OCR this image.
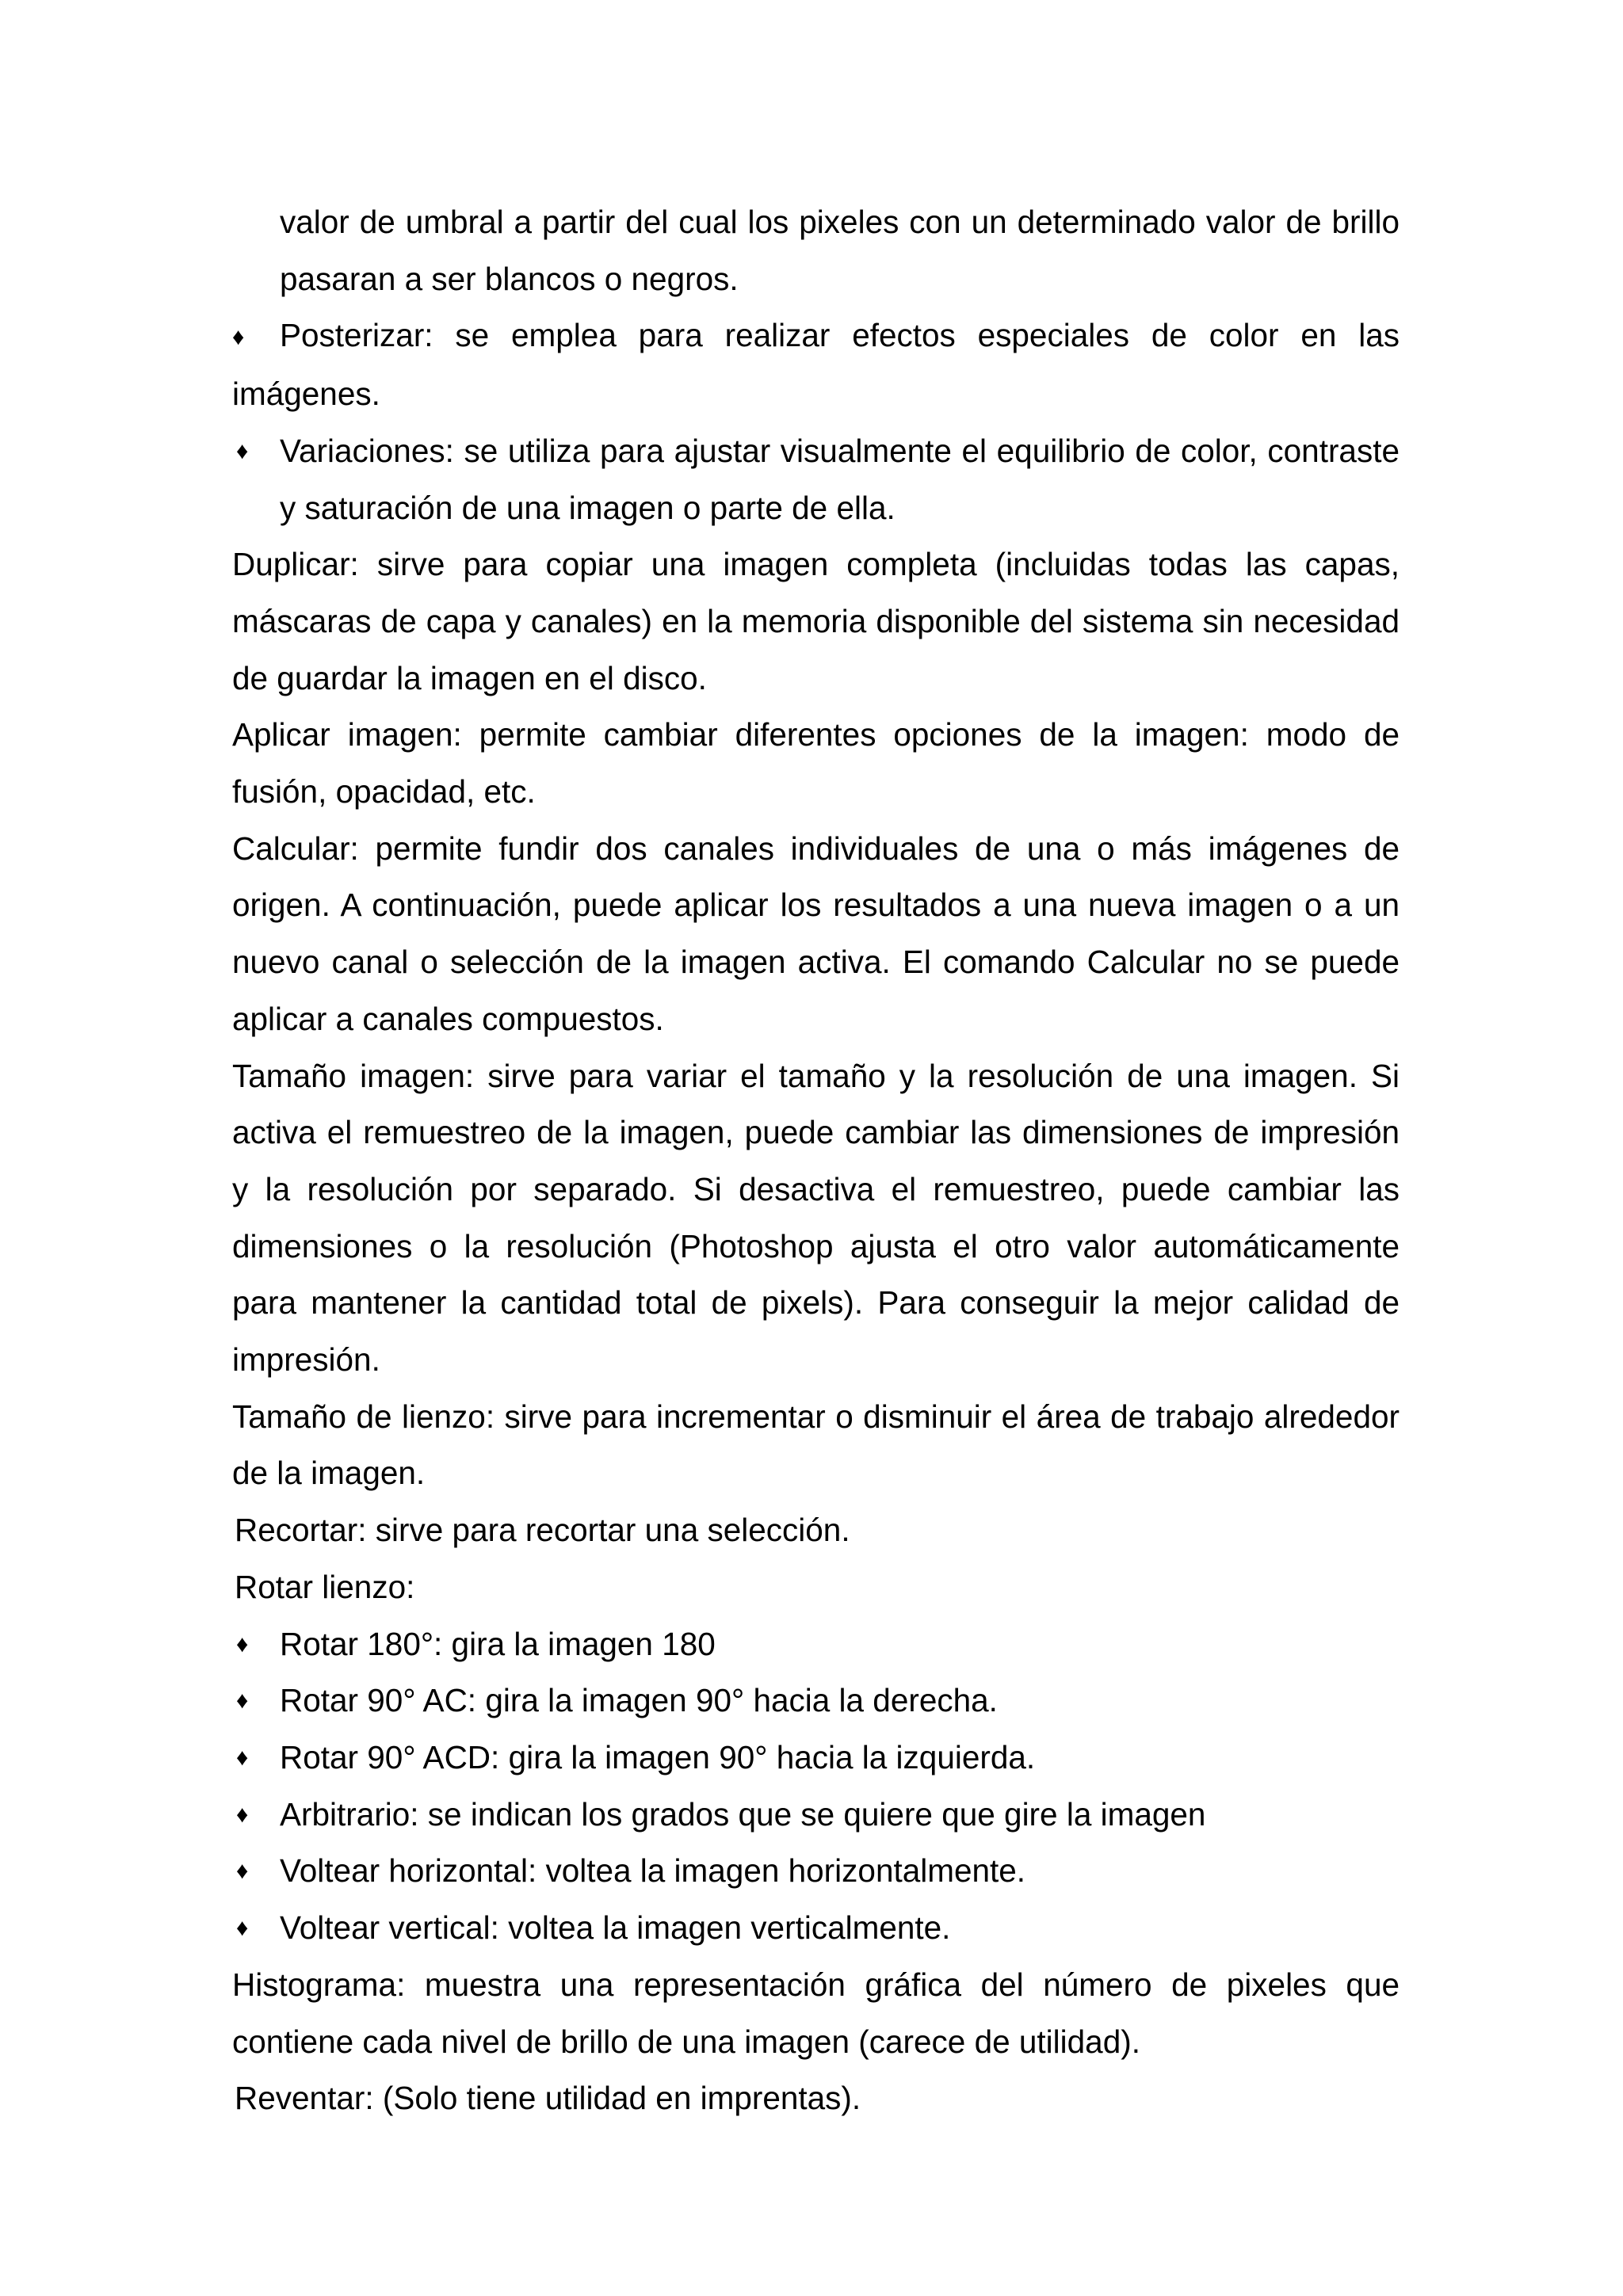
valor de umbral a partir del cual los pixeles con un determinado valor de brillo pasaran a ser blancos o negros.

♦ Posterizar: se emplea para realizar efectos especiales de color en las imágenes.

♦ Variaciones: se utiliza para ajustar visualmente el equilibrio de color, contraste y saturación de una imagen o parte de ella.

Duplicar: sirve para copiar una imagen completa (incluidas todas las capas, máscaras de capa y canales) en la memoria disponible del sistema sin necesidad de guardar la imagen en el disco.

Aplicar imagen: permite cambiar diferentes opciones de la imagen: modo de fusión, opacidad, etc.

Calcular: permite fundir dos canales individuales de una o más imágenes de origen. A continuación, puede aplicar los resultados a una nueva imagen o a un nuevo canal o selección de la imagen activa. El comando Calcular no se puede aplicar a canales compuestos.

Tamaño imagen: sirve para variar el tamaño y la resolución de una imagen. Si activa el remuestreo de la imagen, puede cambiar las dimensiones de impresión y la resolución por separado. Si desactiva el remuestreo, puede cambiar las dimensiones o la resolución (Photoshop ajusta el otro valor automáticamente para mantener la cantidad total de pixels). Para conseguir la mejor calidad de impresión.

Tamaño de lienzo: sirve para incrementar o disminuir el área de trabajo alrededor de la imagen.

Recortar: sirve para recortar una selección.

Rotar lienzo:

♦ Rotar 180°: gira la imagen 180

♦ Rotar 90° AC: gira la imagen 90° hacia la derecha.

♦ Rotar 90° ACD: gira la imagen 90° hacia la izquierda.

♦ Arbitrario: se indican los grados que se quiere que gire la imagen

♦ Voltear horizontal: voltea la imagen horizontalmente.

♦ Voltear vertical: voltea la imagen verticalmente.

Histograma: muestra una representación gráfica del número de pixeles que contiene cada nivel de brillo de una imagen (carece de utilidad).

Reventar: (Solo tiene utilidad en imprentas).
